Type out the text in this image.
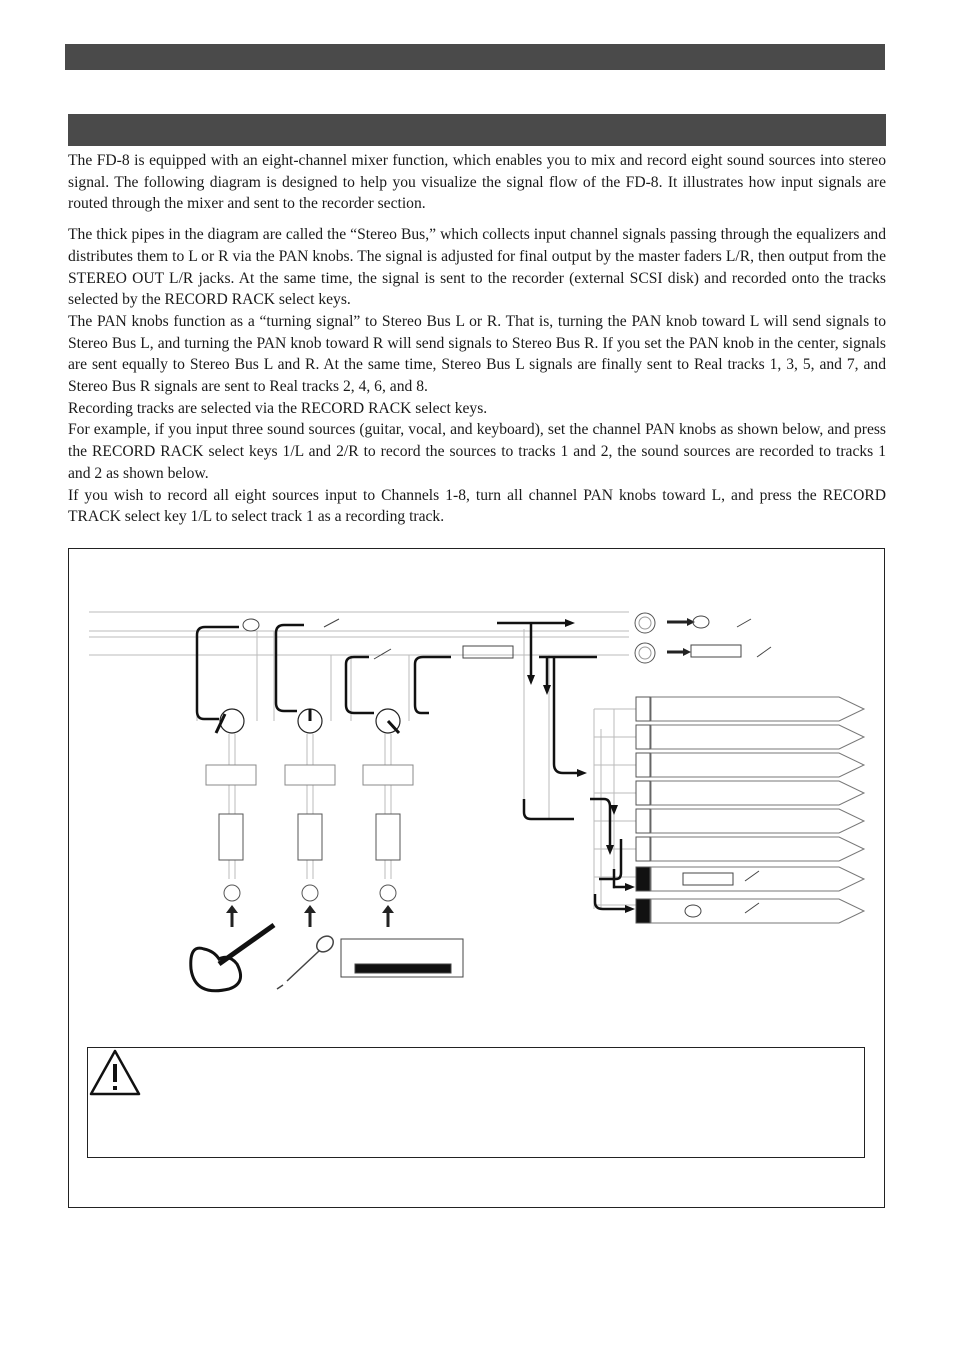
The FD-8 is equipped with an eight-channel mixer function, which enables you to mix and record eight sound sources into stereo signal. The following diagram is designed to help you visualize the signal flow of the FD-8. It illustrates how input signals are routed through the mixer and sent to the recorder section.

The thick pipes in the diagram are called the “Stereo Bus,” which collects input channel signals passing through the equalizers and distributes them to L or R via the PAN knobs. The signal is adjusted for final output by the master faders L/R, then output from the STEREO OUT L/R jacks. At the same time, the signal is sent to the recorder (external SCSI disk) and recorded onto the tracks selected by the RECORD RACK select keys.

The PAN knobs function as a “turning signal” to Stereo Bus L or R. That is, turning the PAN knob toward L will send signals to Stereo Bus L, and turning the PAN knob toward R will send signals to Stereo Bus R. If you set the PAN knob in the center, signals are sent equally to Stereo Bus L and R. At the same time, Stereo Bus L signals are finally sent to Real tracks 1, 3, 5, and 7, and Stereo Bus R signals are sent to Real tracks 2, 4, 6, and 8.

Recording tracks are selected via the RECORD RACK select keys.

For example, if you input three sound sources (guitar, vocal, and keyboard), set the channel PAN knobs as shown below, and press the RECORD RACK select keys 1/L and 2/R to record the sources to tracks 1 and 2, the sound sources are recorded to tracks 1 and 2 as shown below.

If you wish to record all eight sources input to Channels 1-8, turn all channel PAN knobs toward L, and press the RECORD TRACK select key 1/L to select track 1 as a recording track.
